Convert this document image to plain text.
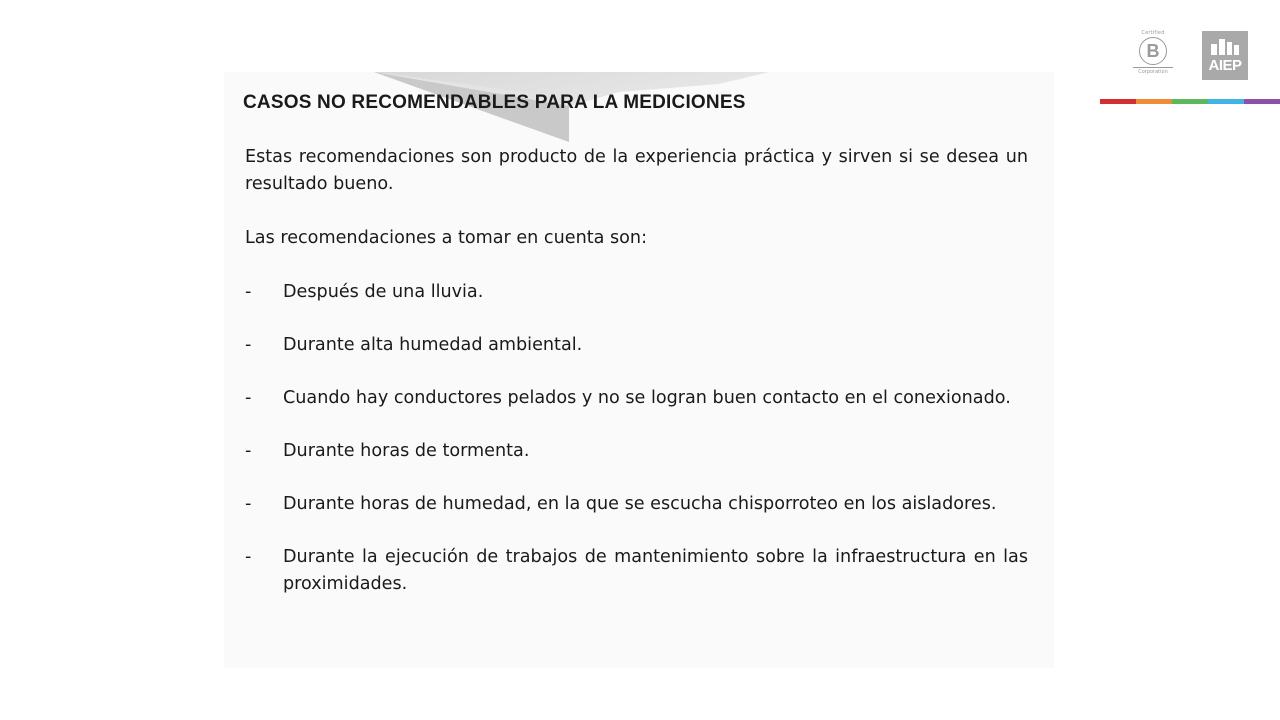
Certified
B
Corporation	AIEP
CASOS NO RECOMENDABLES PARA LA MEDICIONES

Estas recomendaciones son producto de la experiencia práctica y sirven si se desea un resultado bueno.

Las recomendaciones a tomar en cuenta son:

- Después de una lluvia.
- Durante alta humedad ambiental.
- Cuando hay conductores pelados y no se logran buen contacto en el conexionado.
- Durante horas de tormenta.
- Durante horas de humedad, en la que se escucha chisporroteo en los aisladores.
- Durante la ejecución de trabajos de mantenimiento sobre la infraestructura en las proximidades.
